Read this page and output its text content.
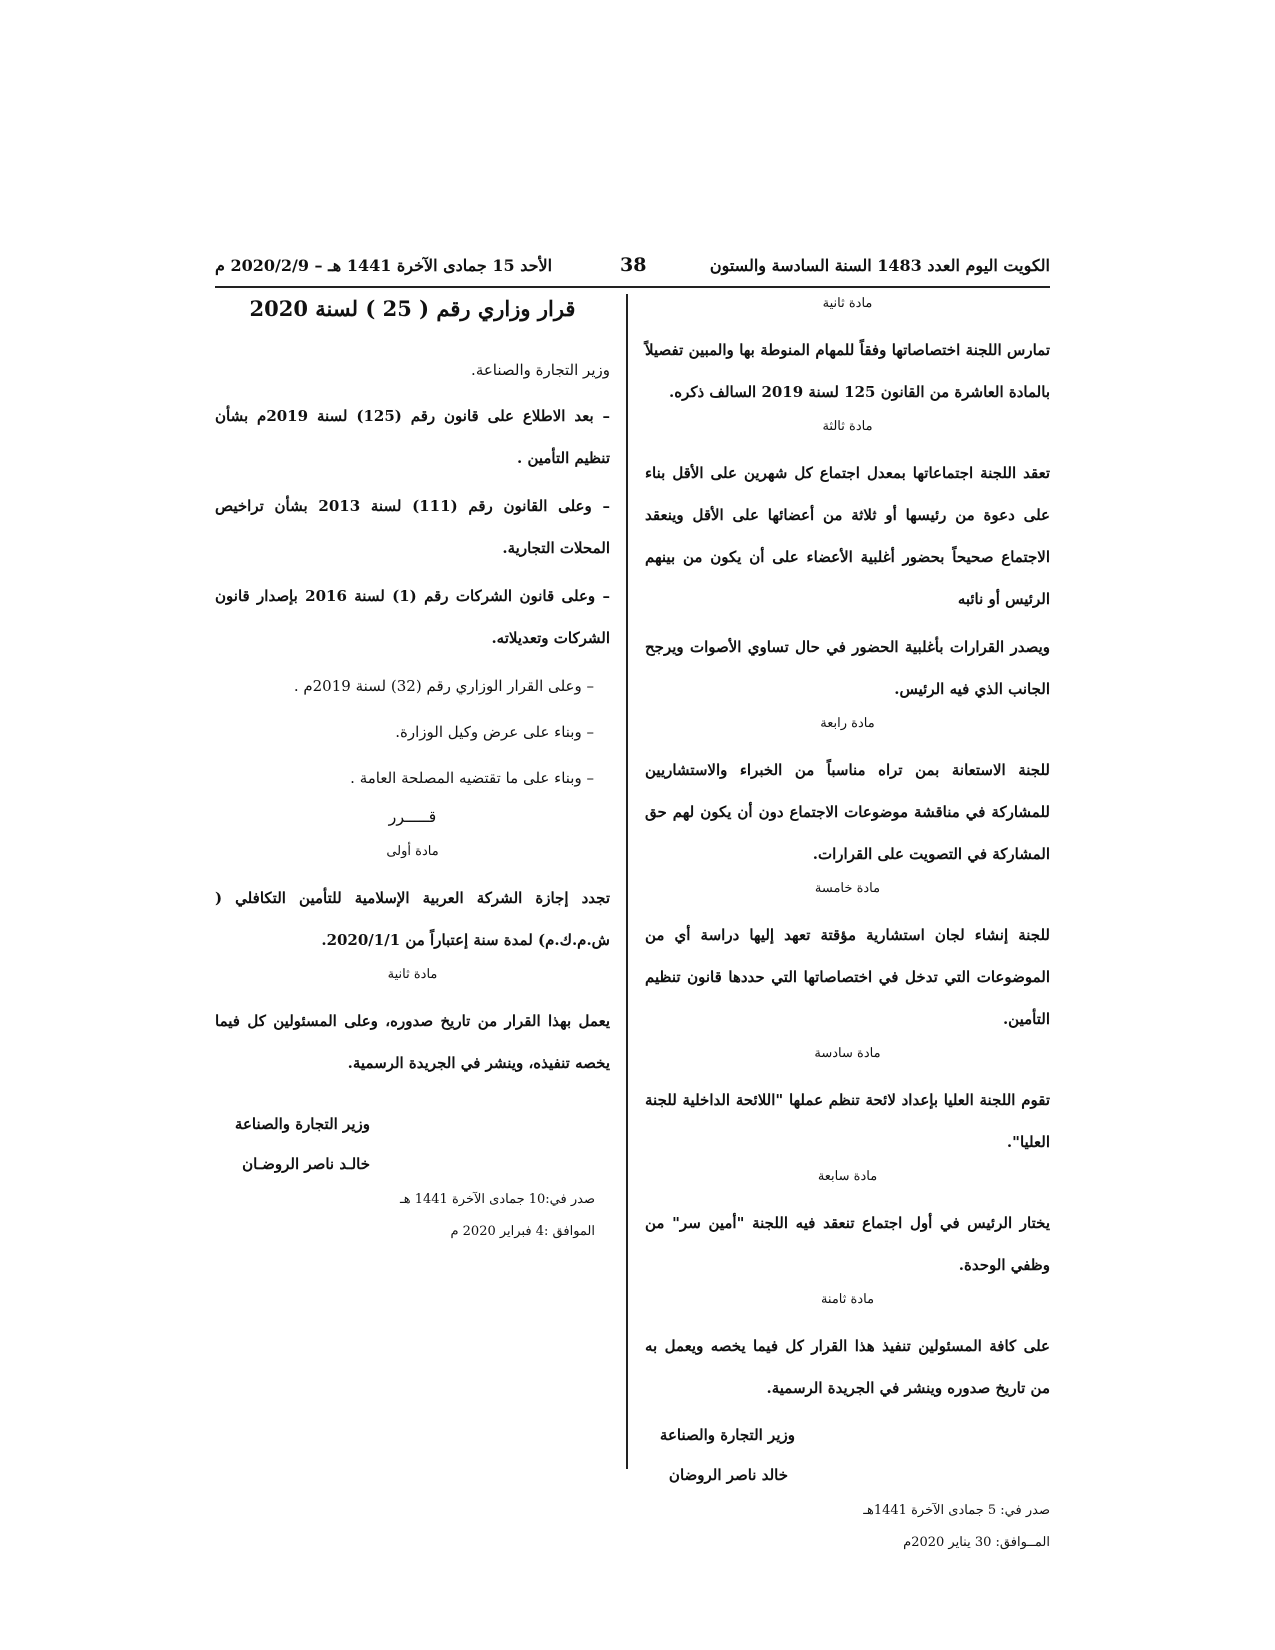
الكويت اليوم العدد 1483 السنة السادسة والستون
38
الأحد 15 جمادى الآخرة 1441 هـ – 2020/2/9 م

مادة ثانية

تمارس اللجنة اختصاصاتها وفقاً للمهام المنوطة بها والمبين تفصيلاً بالمادة العاشرة من القانون 125 لسنة 2019 السالف ذكره.

مادة ثالثة

تعقد اللجنة اجتماعاتها بمعدل اجتماع كل شهرين على الأقل بناء على دعوة من رئيسها أو ثلاثة من أعضائها على الأقل وينعقد الاجتماع صحيحاً بحضور أغلبية الأعضاء على أن يكون من بينهم الرئيس أو نائبه

ويصدر القرارات بأغلبية الحضور في حال تساوي الأصوات ويرجح الجانب الذي فيه الرئيس.

مادة رابعة

للجنة الاستعانة بمن تراه مناسباً من الخبراء والاستشاريين للمشاركة في مناقشة موضوعات الاجتماع دون أن يكون لهم حق المشاركة في التصويت على القرارات.

مادة خامسة

للجنة إنشاء لجان استشارية مؤقتة تعهد إليها دراسة أي من الموضوعات التي تدخل في اختصاصاتها التي حددها قانون تنظيم التأمين.

مادة سادسة

تقوم اللجنة العليا بإعداد لائحة تنظم عملها "اللائحة الداخلية للجنة العليا".

مادة سابعة

يختار الرئيس في أول اجتماع تنعقد فيه اللجنة "أمين سر" من وظفي الوحدة.

مادة ثامنة

على كافة المسئولين تنفيذ هذا القرار كل فيما يخصه ويعمل به من تاريخ صدوره وينشر في الجريدة الرسمية.

وزير التجارة والصناعة

خالد ناصر الروضان

صدر في: 5 جمادى الآخرة 1441هـ

المــوافق: 30 يناير 2020م

قرار وزاري رقم ( 25 ) لسنة 2020

وزير التجارة والصناعة.

– بعد الاطلاع على قانون رقم (125) لسنة 2019م بشأن تنظيم التأمين .

– وعلى القانون رقم (111) لسنة 2013 بشأن تراخيص المحلات التجارية.

– وعلى قانون الشركات رقم (1) لسنة 2016 بإصدار قانون الشركات وتعديلاته.

– وعلى القرار الوزاري رقم (32) لسنة 2019م .

– وبناء على عرض وكيل الوزارة.

– وبناء على ما تقتضيه المصلحة العامة .

قـــــرر

مادة أولى

تجدد إجازة الشركة العربية الإسلامية للتأمين التكافلي ( ش.م.ك.م) لمدة سنة إعتباراً من 2020/1/1.

مادة ثانية

يعمل بهذا القرار من تاريخ صدوره، وعلى المسئولين كل فيما يخصه تنفيذه، وينشر في الجريدة الرسمية.

وزير التجارة والصناعة

خالـد ناصر الروضـان

صدر في:10 جمادى الآخرة 1441 هـ

الموافق :4 فبراير 2020 م
